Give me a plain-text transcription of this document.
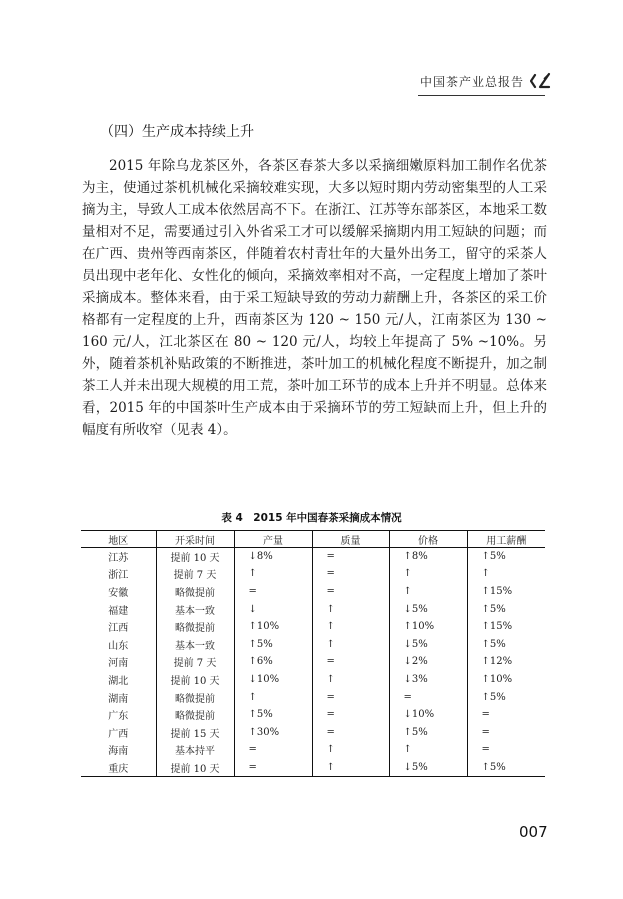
中国茶产业总报告
（四）生产成本持续上升

2015 年除乌龙茶区外，各茶区春茶大多以采摘细嫩原料加工制作名优茶为主，使通过茶机机械化采摘较难实现，大多以短时期内劳动密集型的人工采摘为主，导致人工成本依然居高不下。在浙江、江苏等东部茶区，本地采工数量相对不足，需要通过引入外省采工才可以缓解采摘期内用工短缺的问题；而在广西、贵州等西南茶区，伴随着农村青壮年的大量外出务工，留守的采茶人员出现中老年化、女性化的倾向，采摘效率相对不高，一定程度上增加了茶叶采摘成本。整体来看，由于采工短缺导致的劳动力薪酬上升，各茶区的采工价格都有一定程度的上升，西南茶区为 120 ~ 150 元/人，江南茶区为 130 ~ 160 元/人，江北茶区在 80 ~ 120 元/人，均较上年提高了 5% ~10%。另外，随着茶机补贴政策的不断推进，茶叶加工的机械化程度不断提升，加之制茶工人并未出现大规模的用工荒，茶叶加工环节的成本上升并不明显。总体来看，2015 年的中国茶叶生产成本由于采摘环节的劳工短缺而上升，但上升的幅度有所收窄（见表 4）。

表 4　2015 年中国春茶采摘成本情况
地区	开采时间	产量	质量	价格	用工薪酬
江苏	提前 10 天	↓8%	=	↑8%	↑5%
浙江	提前 7 天	↑	=	↑	↑
安徽	略微提前	=	=	↑	↑15%
福建	基本一致	↓	↑	↓5%	↑5%
江西	略微提前	↑10%	↑	↑10%	↑15%
山东	基本一致	↑5%	↑	↓5%	↑5%
河南	提前 7 天	↑6%	=	↓2%	↑12%
湖北	提前 10 天	↓10%	↑	↓3%	↑10%
湖南	略微提前	↑	=	=	↑5%
广东	略微提前	↑5%	=	↓10%	=
广西	提前 15 天	↑30%	=	↑5%	=
海南	基本持平	=	↑	↑	=
重庆	提前 10 天	=	↑	↓5%	↑5%
007
